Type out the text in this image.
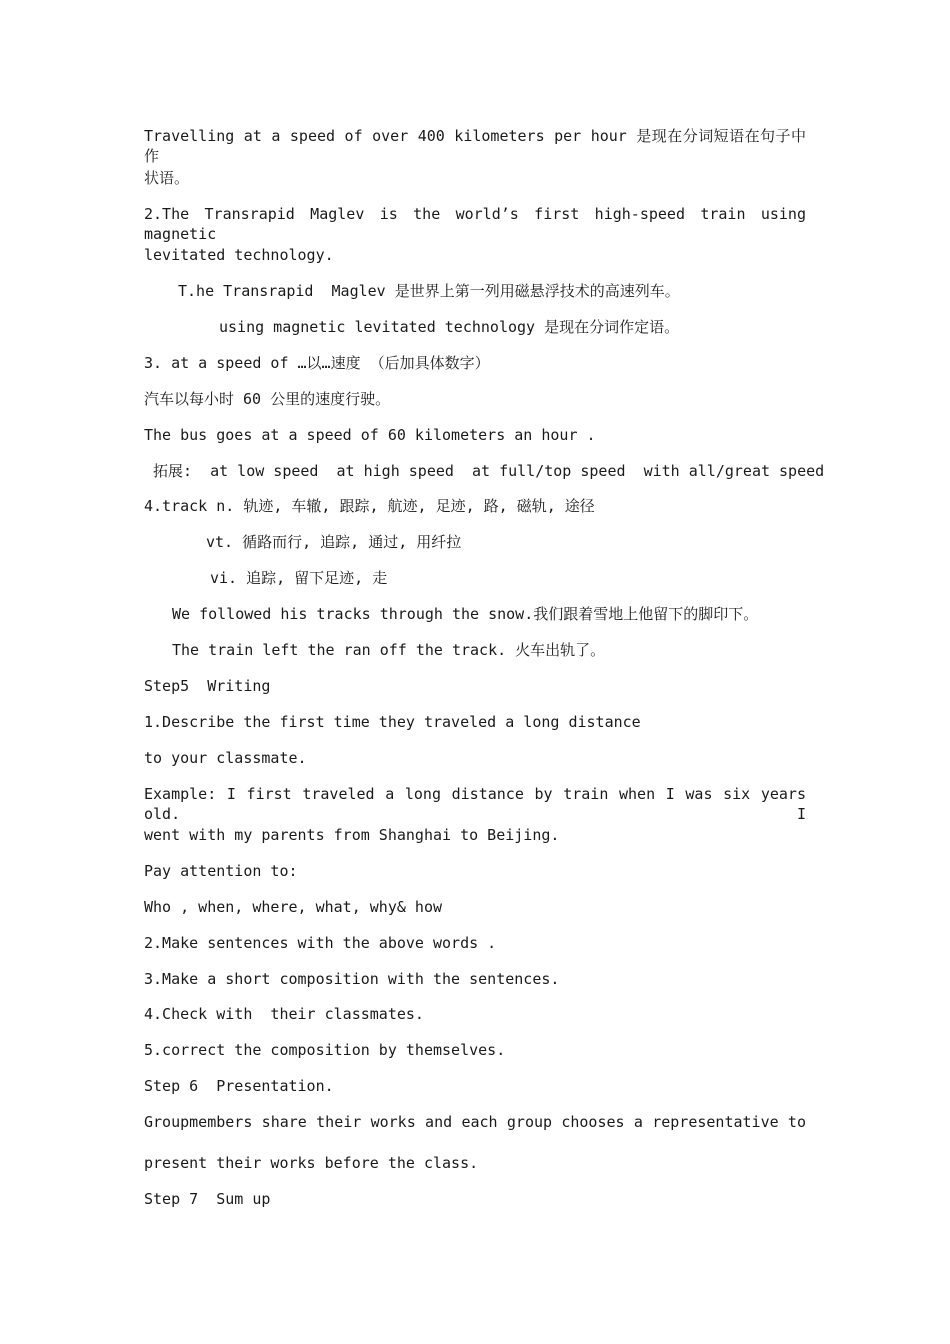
Travelling at a speed of over 400 kilometers per hour 是现在分词短语在句子中作
状语。
2.The Transrapid Maglev is the world’s first high-speed train using magnetic
levitated technology.
T.he Transrapid  Maglev 是世界上第一列用磁悬浮技术的高速列车。
using magnetic levitated technology 是现在分词作定语。
3. at a speed of …以…速度 （后加具体数字）
汽车以每小时 60 公里的速度行驶。
The bus goes at a speed of 60 kilometers an hour .
拓展:  at low speed  at high speed  at full/top speed  with all/great speed
4.track n. 轨迹, 车辙, 跟踪, 航迹, 足迹, 路, 磁轨, 途径
vt. 循路而行, 追踪, 通过, 用纤拉
vi. 追踪, 留下足迹, 走
We followed his tracks through the snow.我们跟着雪地上他留下的脚印下。
The train left the ran off the track. 火车出轨了。
Step5  Writing
1.Describe the first time they traveled a long distance
to your classmate.
Example: I first traveled a long distance by train when I was six years old. I
went with my parents from Shanghai to Beijing.
Pay attention to:
Who , when, where, what, why& how
2.Make sentences with the above words .
3.Make a short composition with the sentences.
4.Check with  their classmates.
5.correct the composition by themselves.
Step 6  Presentation.
Groupmembers share their works and each group chooses a representative to
present their works before the class.
Step 7  Sum up
